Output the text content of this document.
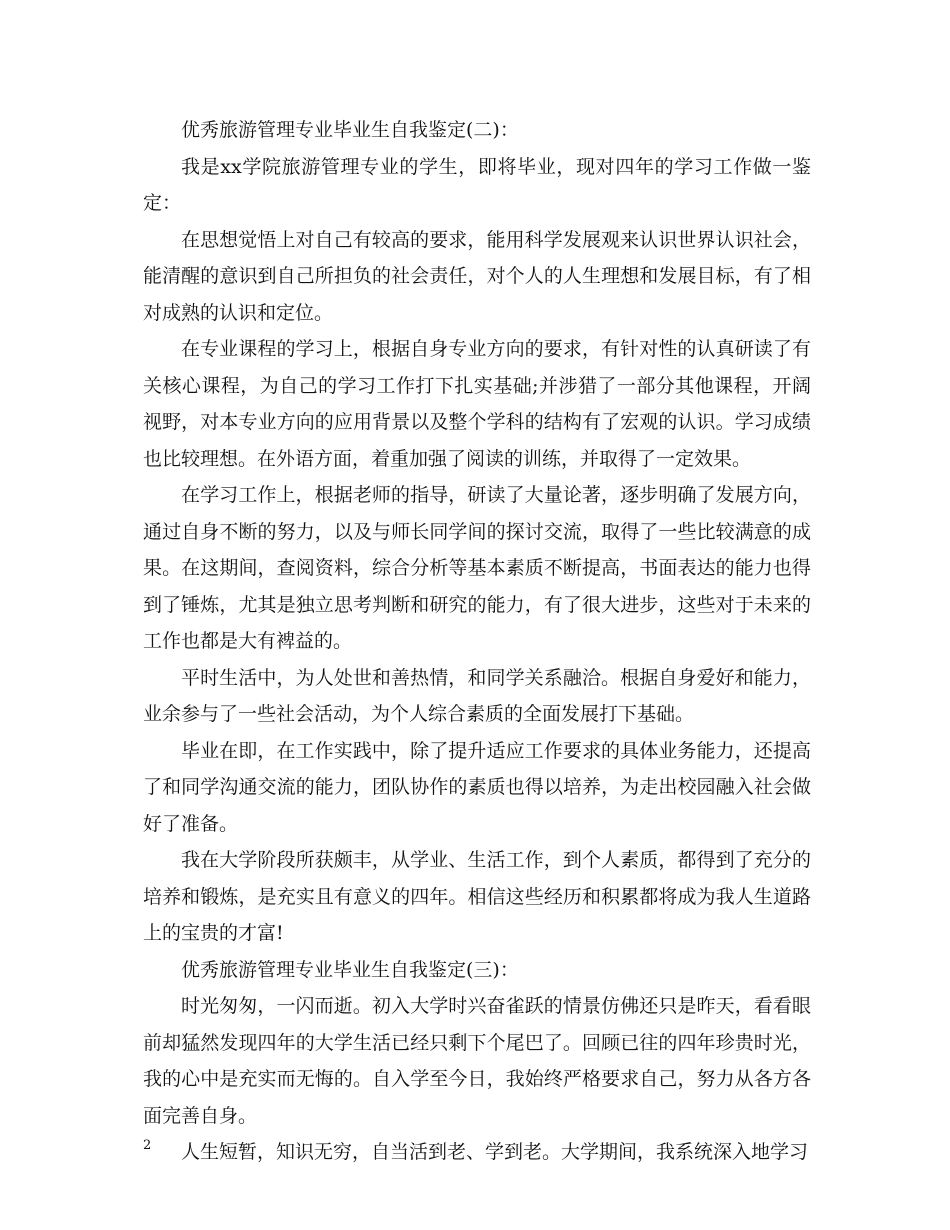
优秀旅游管理专业毕业生自我鉴定(二)：

我是xx学院旅游管理专业的学生，即将毕业，现对四年的学习工作做一鉴定：

在思想觉悟上对自己有较高的要求，能用科学发展观来认识世界认识社会，能清醒的意识到自己所担负的社会责任，对个人的人生理想和发展目标，有了相对成熟的认识和定位。

在专业课程的学习上，根据自身专业方向的要求，有针对性的认真研读了有关核心课程，为自己的学习工作打下扎实基础;并涉猎了一部分其他课程，开阔视野，对本专业方向的应用背景以及整个学科的结构有了宏观的认识。学习成绩也比较理想。在外语方面，着重加强了阅读的训练，并取得了一定效果。

在学习工作上，根据老师的指导，研读了大量论著，逐步明确了发展方向，通过自身不断的努力，以及与师长同学间的探讨交流，取得了一些比较满意的成果。在这期间，查阅资料，综合分析等基本素质不断提高，书面表达的能力也得到了锤炼，尤其是独立思考判断和研究的能力，有了很大进步，这些对于未来的工作也都是大有裨益的。

平时生活中，为人处世和善热情，和同学关系融洽。根据自身爱好和能力，业余参与了一些社会活动，为个人综合素质的全面发展打下基础。

毕业在即，在工作实践中，除了提升适应工作要求的具体业务能力，还提高了和同学沟通交流的能力，团队协作的素质也得以培养，为走出校园融入社会做好了准备。

我在大学阶段所获颇丰，从学业、生活工作，到个人素质，都得到了充分的培养和锻炼，是充实且有意义的四年。相信这些经历和积累都将成为我人生道路上的宝贵的才富!

优秀旅游管理专业毕业生自我鉴定(三)：

时光匆匆，一闪而逝。初入大学时兴奋雀跃的情景仿佛还只是昨天，看看眼前却猛然发现四年的大学生活已经只剩下个尾巴了。回顾已往的四年珍贵时光，我的心中是充实而无悔的。自入学至今日，我始终严格要求自己，努力从各方各面完善自身。

人生短暂，知识无穷，自当活到老、学到老。大学期间，我系统深入地学习

2
